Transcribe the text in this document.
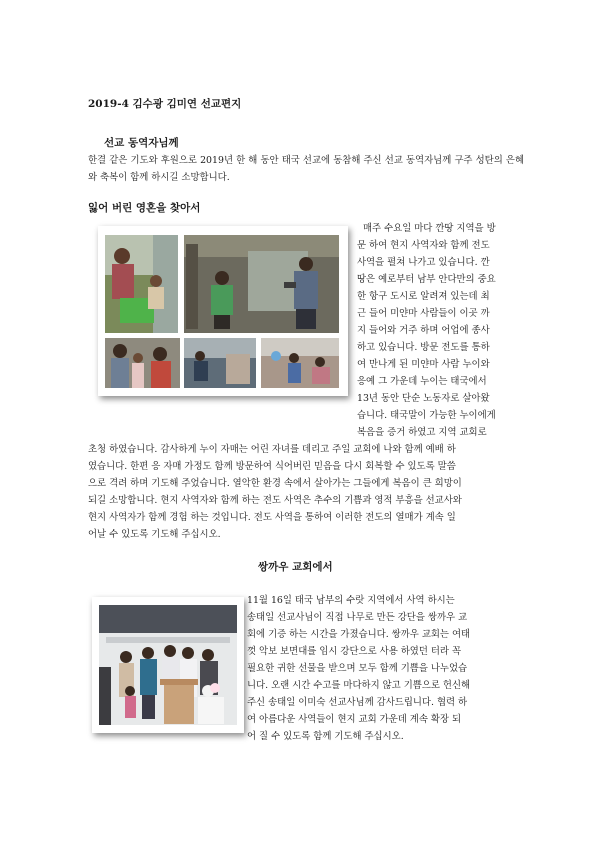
2019-4 김수광 김미연 선교편지
선교 동역자님께
한결 같은 기도와 후원으로 2019년 한 해 동안 태국 선교에 동참해 주신 선교 동역자님께 구주 성탄의 은혜와 축복이 함께 하시길 소망합니다.
잃어 버린 영혼을 찾아서
매주 수요일 마다 깐땅 지역을 방
문 하여 현지 사역자와 함께 전도
사역을 펼쳐 나가고 있습니다. 깐
땅은 예로부터 남부 안다만의 중요
한 항구 도시로 알려져 있는데 최
근 들어 미얀마 사람들이 이곳 까
지 들어와 거주 하며 어업에 종사
하고 있습니다. 방문 전도를 통하
여 만나게 된 미얀마 사람 누이와
응예 그 가운데 누이는 태국에서
13년 동안 단순 노동자로 살아왔
습니다. 태국말이 가능한 누이에게
복음을 증거 하였고 지역 교회로
초청 하였습니다. 감사하게 누이 자매는 어린 자녀를 데리고 주일 교회에 나와 함께 예배 하
였습니다. 한편 응 자매 가정도 함께 방문하여 식어버린 믿음을 다시 회복할 수 있도록 말씀
으로 격려 하며 기도해 주었습니다. 열악한 환경 속에서 살아가는 그들에게 복음이 큰 희망이
되길 소망합니다. 현지 사역자와 함께 하는 전도 사역은 추수의 기쁨과 영적 부흥을 선교사와
현지 사역자가 함께 경험 하는 것입니다. 전도 사역을 통하여 이러한 전도의 열매가 계속 일
어날 수 있도록 기도해 주십시오.
쌍까우 교회에서
11월 16일 태국 남부의 수랏 지역에서 사역 하시는
송태일 선교사님이 직접 나무로 만든 강단을 쌍까우 교
회에 기증 하는 시간을 가졌습니다. 쌍까우 교회는 여태
껏 악보 보면대를 임시 강단으로 사용 하였던 터라 꼭
필요한 귀한 선물을 받으며 모두 함께 기쁨을 나누었습
니다. 오랜 시간 수고를 마다하지 않고 기쁨으로 헌신해
주신 송태일 이미숙 선교사님께 감사드립니다. 협력 하
여 아름다운 사역들이 현지 교회 가운데 계속 확장 되
어 질 수 있도록 함께 기도해 주십시오.
